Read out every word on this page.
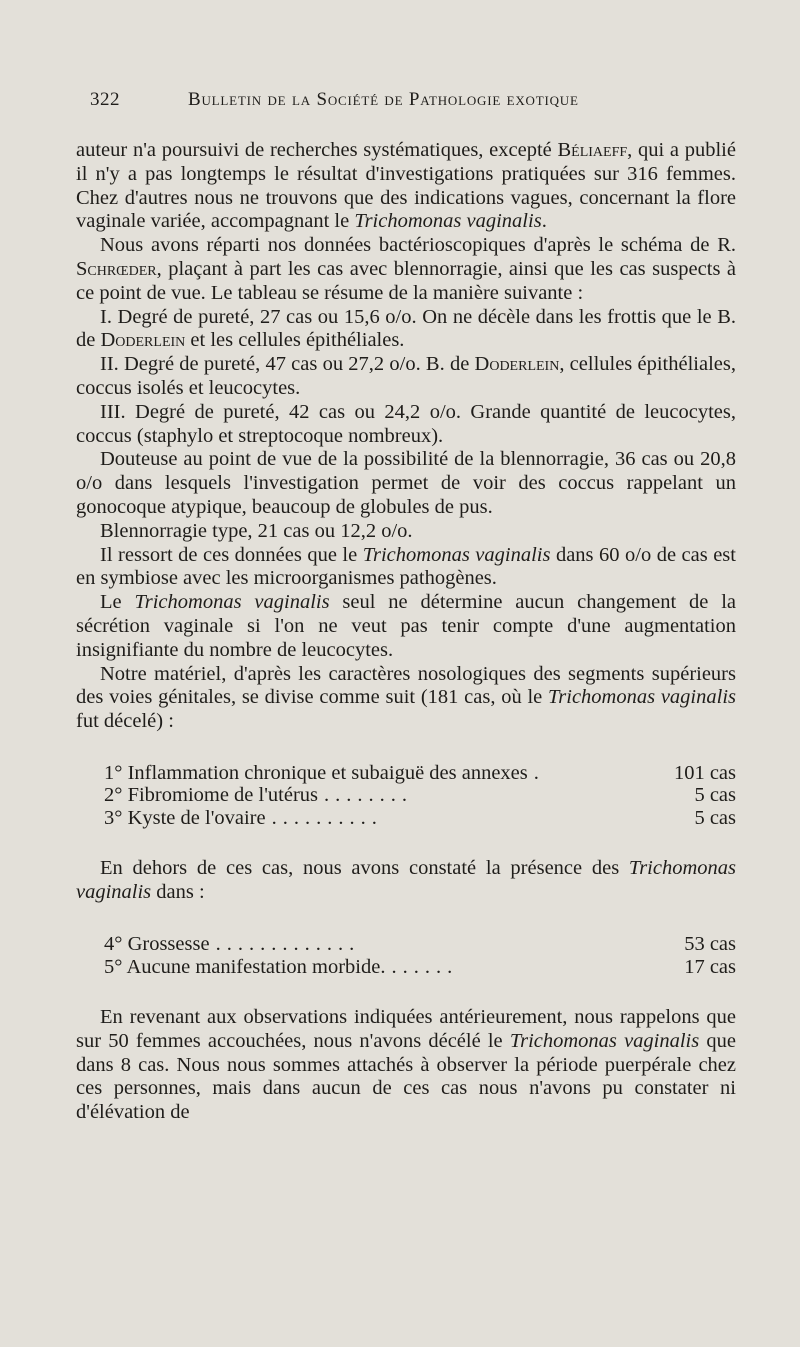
322	Bulletin de la Société de Pathologie exotique

auteur n'a poursuivi de recherches systématiques, excepté Béliaeff, qui a publié il n'y a pas longtemps le résultat d'investigations pratiquées sur 316 femmes. Chez d'autres nous ne trouvons que des indications vagues, concernant la flore vaginale variée, accompagnant le Trichomonas vaginalis.

Nous avons réparti nos données bactérioscopiques d'après le schéma de R. Schrœder, plaçant à part les cas avec blennorragie, ainsi que les cas suspects à ce point de vue. Le tableau se résume de la manière suivante :

I. Degré de pureté, 27 cas ou 15,6 o/o. On ne décèle dans les frottis que le B. de Doderlein et les cellules épithéliales.

II. Degré de pureté, 47 cas ou 27,2 o/o. B. de Doderlein, cellules épithéliales, coccus isolés et leucocytes.

III. Degré de pureté, 42 cas ou 24,2 o/o. Grande quantité de leucocytes, coccus (staphylo et streptocoque nombreux).

Douteuse au point de vue de la possibilité de la blennorragie, 36 cas ou 20,8 o/o dans lesquels l'investigation permet de voir des coccus rappelant un gonocoque atypique, beaucoup de globules de pus.

Blennorragie type, 21 cas ou 12,2 o/o.

Il ressort de ces données que le Trichomonas vaginalis dans 60 o/o de cas est en symbiose avec les microorganismes pathogènes.

Le Trichomonas vaginalis seul ne détermine aucun changement de la sécrétion vaginale si l'on ne veut pas tenir compte d'une augmentation insignifiante du nombre de leucocytes.

Notre matériel, d'après les caractères nosologiques des segments supérieurs des voies génitales, se divise comme suit (181 cas, où le Trichomonas vaginalis fut décelé) :

1° Inflammation chronique et subaiguë des annexes .	101 cas
2° Fibromiome de l'utérus ........	5 cas
3° Kyste de l'ovaire ..........	5 cas

En dehors de ces cas, nous avons constaté la présence des Trichomonas vaginalis dans :

4° Grossesse .............	53 cas
5° Aucune manifestation morbide. ......	17 cas

En revenant aux observations indiquées antérieurement, nous rappelons que sur 50 femmes accouchées, nous n'avons décélé le Trichomonas vaginalis que dans 8 cas. Nous nous sommes attachés à observer la période puerpérale chez ces personnes, mais dans aucun de ces cas nous n'avons pu constater ni d'élévation de
